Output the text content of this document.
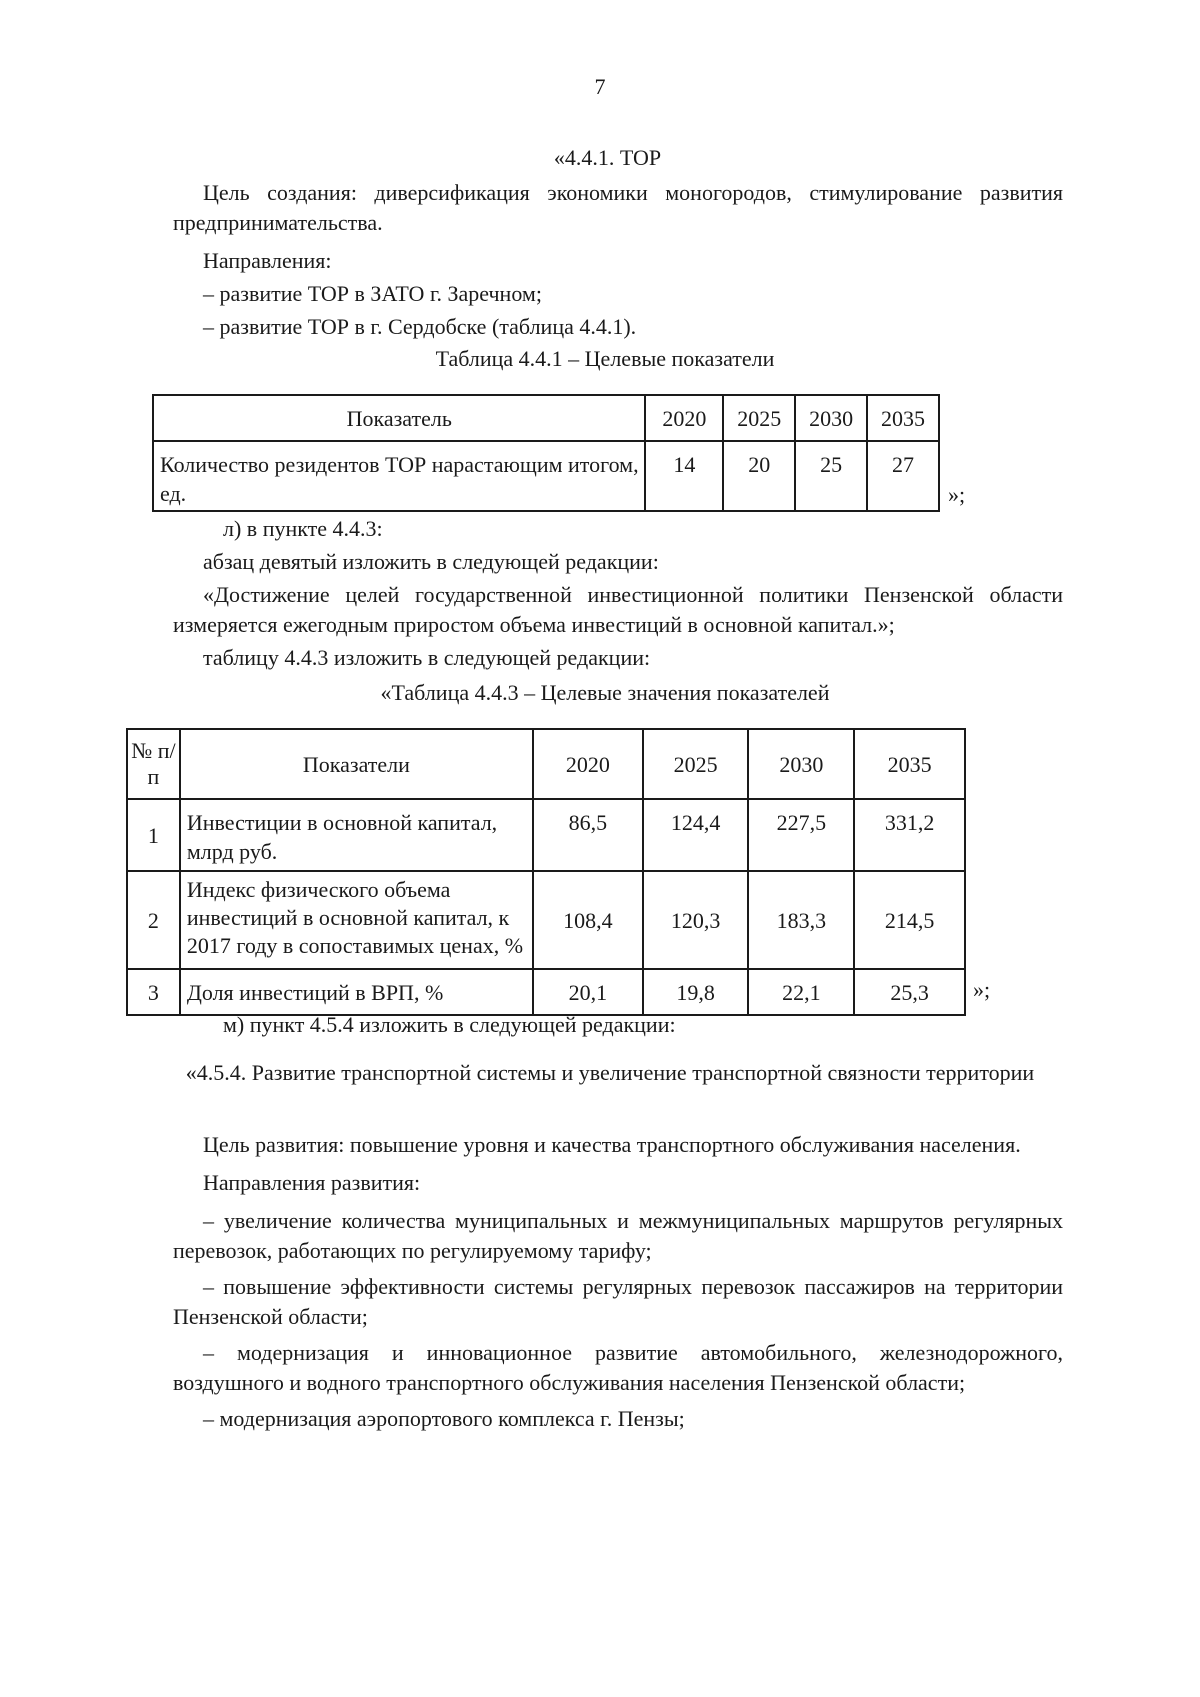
7
«4.4.1. ТОР

Цель создания: диверсификация экономики моногородов, стимулирование развития предпринимательства.

Направления:

– развитие ТОР в ЗАТО г. Заречном;

– развитие ТОР в г. Сердобске (таблица 4.4.1).

Таблица 4.4.1 – Целевые показатели
Показатель	2020	2025	2030	2035
Количество резидентов ТОР нарастающим итогом, ед.	14	20	25	27
»;

л) в пункте 4.4.3:

абзац девятый изложить в следующей редакции:

«Достижение целей государственной инвестиционной политики Пензенской области измеряется ежегодным приростом объема инвестиций в основной капитал.»;

таблицу 4.4.3 изложить в следующей редакции:

«Таблица 4.4.3 – Целевые значения показателей
№ п/п	Показатели	2020	2025	2030	2035
1	Инвестиции в основной капитал, млрд руб.	86,5	124,4	227,5	331,2
2	Индекс физического объема инвестиций в основной капитал, к 2017 году в сопоставимых ценах, %	108,4	120,3	183,3	214,5
3	Доля инвестиций в ВРП, %	20,1	19,8	22,1	25,3 »;
м) пункт 4.5.4 изложить в следующей редакции:
«4.5.4. Развитие транспортной системы и увеличение транспортной связности территории

Цель развития: повышение уровня и качества транспортного обслуживания населения.

Направления развития:

– увеличение количества муниципальных и межмуниципальных маршрутов регулярных перевозок, работающих по регулируемому тарифу;

– повышение эффективности системы регулярных перевозок пассажиров на территории Пензенской области;

– модернизация и инновационное развитие автомобильного, железнодорожного, воздушного и водного транспортного обслуживания населения Пензенской области;

– модернизация аэропортового комплекса г. Пензы;
